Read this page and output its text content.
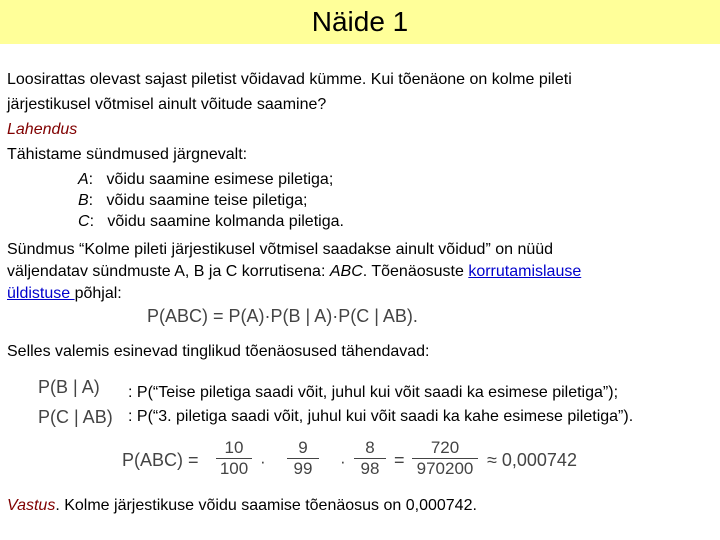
Näide 1
Loosirattas olevast sajast piletist võidavad kümme. Kui tõenäone on kolme pileti
järjestikusel võtmisel ainult võitude saamine?
Lahendus
Tähistame sündmused järgnevalt:
A: võidu saamine esimese piletiga;
B: võidu saamine teise piletiga;
C: võidu saamine kolmanda piletiga.
Sündmus “Kolme pileti järjestikusel võtmisel saadakse ainult võidud” on nüüd
väljendatav sündmuste A, B ja C korrutisena: ABC. Tõenäosuste korrutamislause
üldistuse põhjal:
P(ABC) = P(A)·P(B | A)·P(C | AB).
Selles valemis esinevad tinglikud tõenäosused tähendavad:
P(B | A) : P(“Teise piletiga saadi võit, juhul kui võit saadi ka esimese piletiga”);
P(C | AB) : P(“3. piletiga saadi võit, juhul kui võit saadi ka kahe esimese piletiga”).
P(ABC) =
10
100 ·
9
99	·
8
98 =
720
970200 ≈ 0,000742
Vastus. Kolme järjestikuse võidu saamise tõenäosus on 0,000742.
